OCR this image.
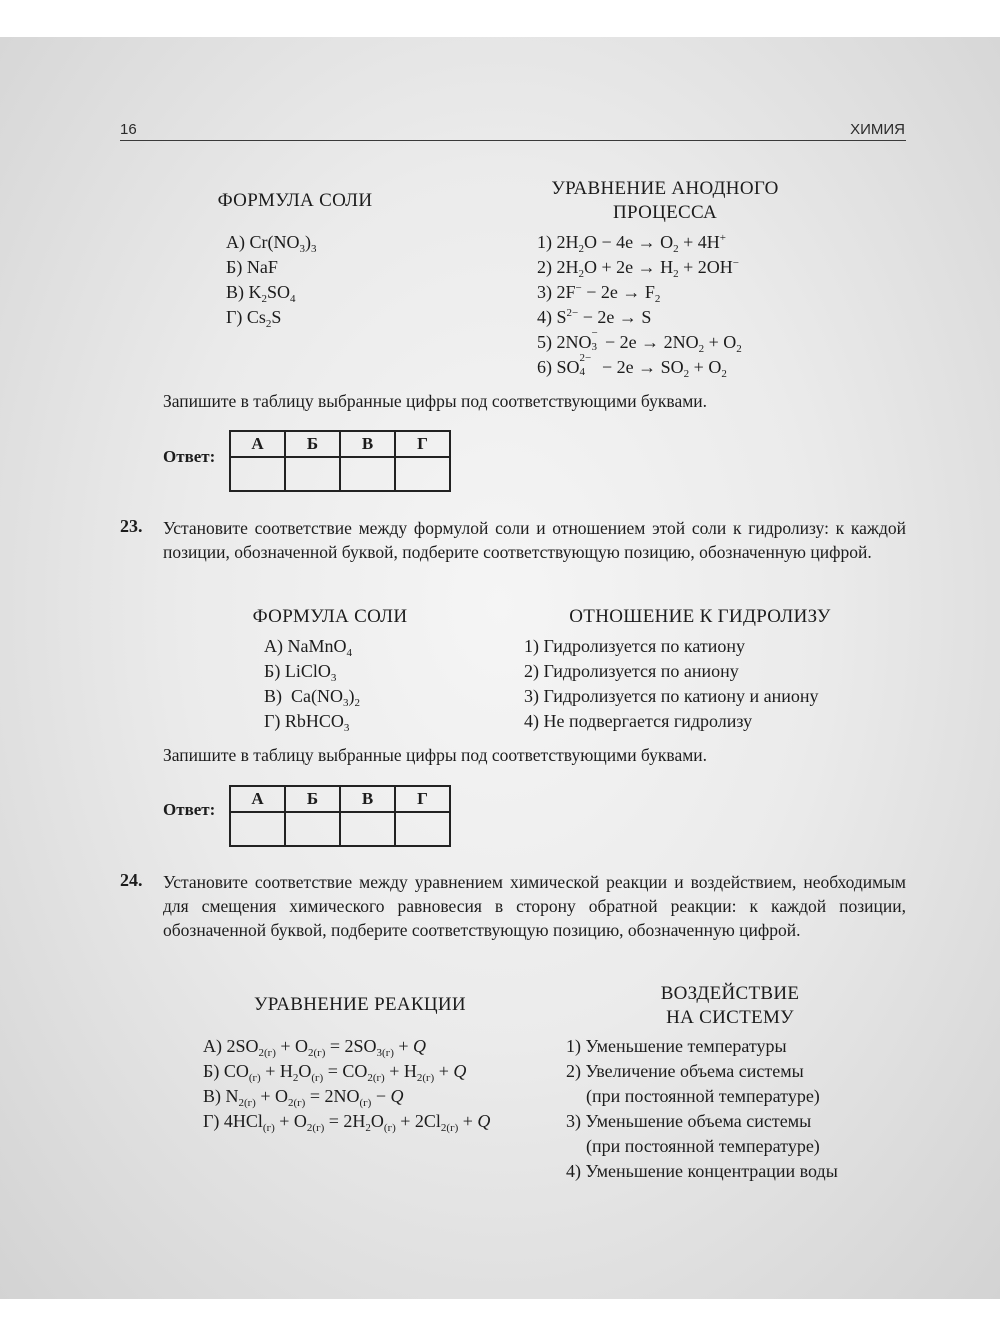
16	ХИМИЯ
ФОРМУЛА СОЛИ
УРАВНЕНИЕ АНОДНОГО
ПРОЦЕССА
А) $Cr(NO_3)_3$
Б) NaF
В) $K_2SO_4$
Г) $Cs_2S$
1) $2H_2O - 4e \to O_2 + 4H^+$
2) $2H_2O + 2e \to H_2 + 2OH^-$
3) $2F^- - 2e \to F_2$
4) $S^{2-} - 2e \to S$
5) 2NO 3
− − $2e \to 2NO_2 + O_2$
6) SO 4
$2- - 2e \to SO_2 + O_2$
Запишите в таблицу выбранные цифры под соответствующими буквами.
Ответ:
А	Б	В	Г

23. Установите соответствие между формулой соли и отношением этой соли к гидролизу: к каждой позиции, обозначенной буквой, подберите соответствующую позицию, обозначенную цифрой.
ФОРМУЛА СОЛИ	ОТНОШЕНИЕ К ГИДРОЛИЗУ
А) NaMnO$_4$
Б) LiClO$_3$
В)  $Ca(NO_3)_2$
Г) RbHCO$_3$
1) Гидролизуется по катиону
2) Гидролизуется по аниону
3) Гидролизуется по катиону и аниону
4) Не подвергается гидролизу
Запишите в таблицу выбранные цифры под соответствующими буквами.
Ответ:
А	Б	В	Г

24. Установите соответствие между уравнением химической реакции и воздействием, необходимым для смещения химического равновесия в сторону обратной реакции: к каждой позиции, обозначенной буквой, подберите соответствующую позицию, обозначенную цифрой.
УРАВНЕНИЕ РЕАКЦИИ
ВОЗДЕЙСТВИЕ
НА СИСТЕМУ
А) $2SO_{2(г)} + O_{2(г)} = 2SO_{3(г)} + Q$
Б) $CO_{(г)} + H_2O_{(г)} = CO_{2(г)} + H_{2(г)} + Q$
В) $N_{2(г)} + O_{2(г)} = 2NO_{(г)} - Q$
Г) $4HCl_{(г)} + O_{2(г)} = 2H_2O_{(г)} + 2Cl_{2(г)} + Q$
1) Уменьшение температуры
2) Увеличение объема системы
(при постоянной температуре)
3) Уменьшение объема системы
(при постоянной температуре)
4) Уменьшение концентрации воды
